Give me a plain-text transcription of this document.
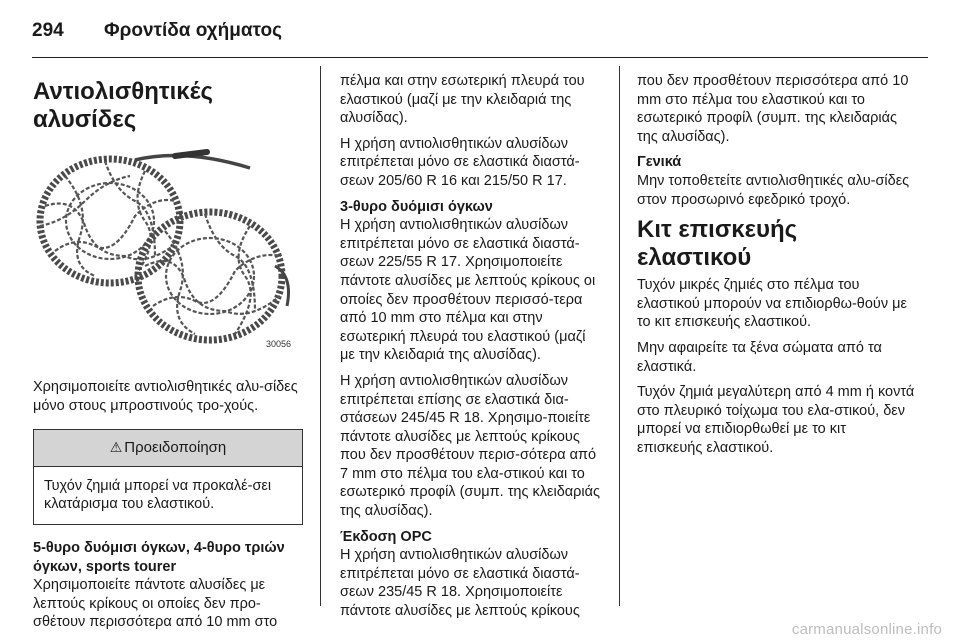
294	Φροντίδα οχήματος
Αντιολισθητικές αλυσίδες
30056

Χρησιμοποιείτε αντιολισθητικές αλυ‐σίδες μόνο στους μπροστινούς τρο‐χούς.

⚠ Προειδοποίηση
Τυχόν ζημιά μπορεί να προκαλέ‐σει κλατάρισμα του ελαστικού.

5-θυρο δυόμισι όγκων, 4-θυρο τριών όγκων, sports tourer

Χρησιμοποιείτε πάντοτε αλυσίδες με λεπτούς κρίκους οι οποίες δεν προ‐σθέτουν περισσότερα από 10 mm στο

πέλμα και στην εσωτερική πλευρά του ελαστικού (μαζί με την κλειδαριά της αλυσίδας).

Η χρήση αντιολισθητικών αλυσίδων επιτρέπεται μόνο σε ελαστικά διαστά‐σεων 205/60 R 16 και 215/50 R 17.

3-θυρο δυόμισι όγκων

Η χρήση αντιολισθητικών αλυσίδων επιτρέπεται μόνο σε ελαστικά διαστά‐σεων 225/55 R 17. Χρησιμοποιείτε πάντοτε αλυσίδες με λεπτούς κρίκους οι οποίες δεν προσθέτουν περισσό‐τερα από 10 mm στο πέλμα και στην εσωτερική πλευρά του ελαστικού (μαζί με την κλειδαριά της αλυσίδας).

Η χρήση αντιολισθητικών αλυσίδων επιτρέπεται επίσης σε ελαστικά δια‐στάσεων 245/45 R 18. Χρησιμο‐ποιείτε πάντοτε αλυσίδες με λεπτούς κρίκους που δεν προσθέτουν περισ‐σότερα από 7 mm στο πέλμα του ελα‐στικού και το εσωτερικό προφίλ (συμπ. της κλειδαριάς της αλυσίδας).

Έκδοση OPC

Η χρήση αντιολισθητικών αλυσίδων επιτρέπεται μόνο σε ελαστικά διαστά‐σεων 235/45 R 18. Χρησιμοποιείτε πάντοτε αλυσίδες με λεπτούς κρίκους

που δεν προσθέτουν περισσότερα από 10 mm στο πέλμα του ελαστικού και το εσωτερικό προφίλ (συμπ. της κλειδαριάς της αλυσίδας).

Γενικά

Μην τοποθετείτε αντιολισθητικές αλυ‐σίδες στον προσωρινό εφεδρικό τροχό.

Κιτ επισκευής ελαστικού

Τυχόν μικρές ζημιές στο πέλμα του ελαστικού μπορούν να επιδιορθω‐θούν με το κιτ επισκευής ελαστικού.

Μην αφαιρείτε τα ξένα σώματα από τα ελαστικά.

Τυχόν ζημιά μεγαλύτερη από 4 mm ή κοντά στο πλευρικό τοίχωμα του ελα‐στικού, δεν μπορεί να επιδιορθωθεί με το κιτ επισκευής ελαστικού.

carmanualsonline.info
